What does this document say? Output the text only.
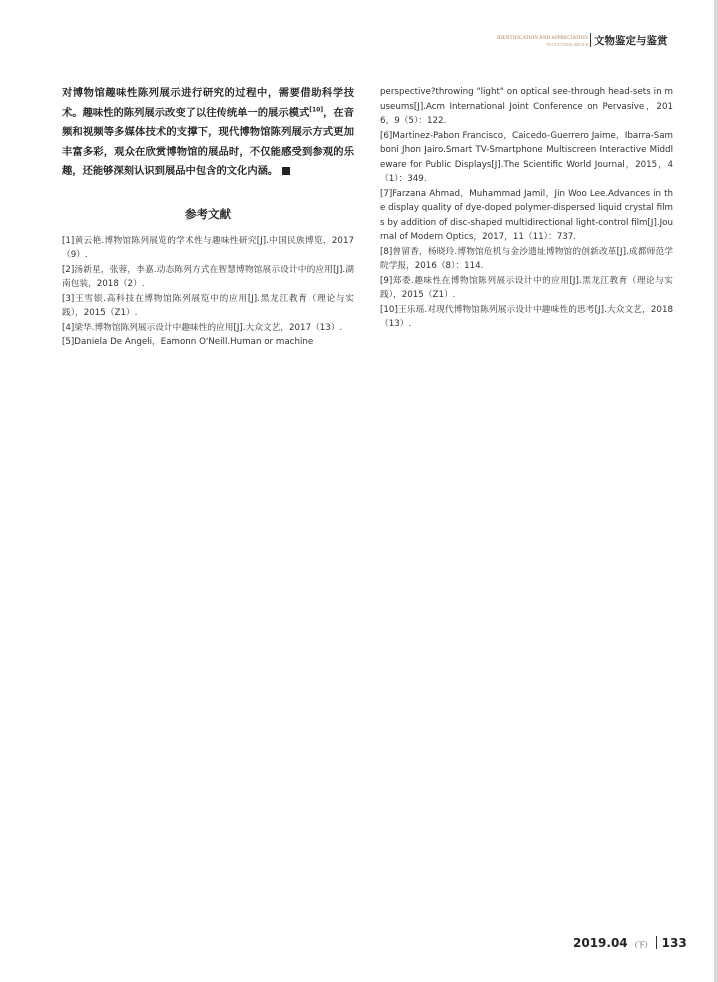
IDENTIFICATION AND APPRECIATION
TO CULTURAL RELICS 文物鉴定与鉴赏

对博物馆趣味性陈列展示进行研究的过程中，需要借助科学技术。趣味性的陈列展示改变了以往传统单一的展示模式[10]，在音频和视频等多媒体技术的支撑下，现代博物馆陈列展示方式更加丰富多彩，观众在欣赏博物馆的展品时，不仅能感受到参观的乐趣，还能够深刻认识到展品中包含的文化内涵。

参考文献

[1]黄云艳.博物馆陈列展览的学术性与趣味性研究[J].中国民族博览，2017（9）.

[2]汤新星，张蓉，李嘉.动态陈列方式在智慧博物馆展示设计中的应用[J].湖南包装，2018（2）.

[3]王雪银.高科技在博物馆陈列展览中的应用[J].黑龙江教育（理论与实践），2015（Z1）.

[4]梁华.博物馆陈列展示设计中趣味性的应用[J].大众文艺，2017（13）.

[5]Daniela De Angeli，Eamonn O'Neill.Human or machine

perspective?throwing "light" on optical see-through head-sets in museums[J].Acm International Joint Conference on Pervasive，2016，9（5）：122.

[6]Martinez-Pabon Francisco，Caicedo-Guerrero Jaime，Ibarra-Samboni Jhon Jairo.Smart TV-Smartphone Multiscreen Interactive Middleware for Public Displays[J].The Scientific World Journal，2015，4（1）：349.

[7]Farzana Ahmad，Muhammad Jamil，Jin Woo Lee.Advances in the display quality of dye-doped polymer-dispersed liquid crystal films by addition of disc-shaped multidirectional light-control film[J].Journal of Modern Optics，2017，11（11）：737.

[8]曾留香，杨晓玲.博物馆危机与金沙遗址博物馆的创新改革[J].成都师范学院学报，2016（8）：114.

[9]郑委.趣味性在博物馆陈列展示设计中的应用[J].黑龙江教育（理论与实践），2015（Z1）.

[10]王乐瑶.对现代博物馆陈列展示设计中趣味性的思考[J].大众文艺，2018（13）.

2019.04 （下） 133
